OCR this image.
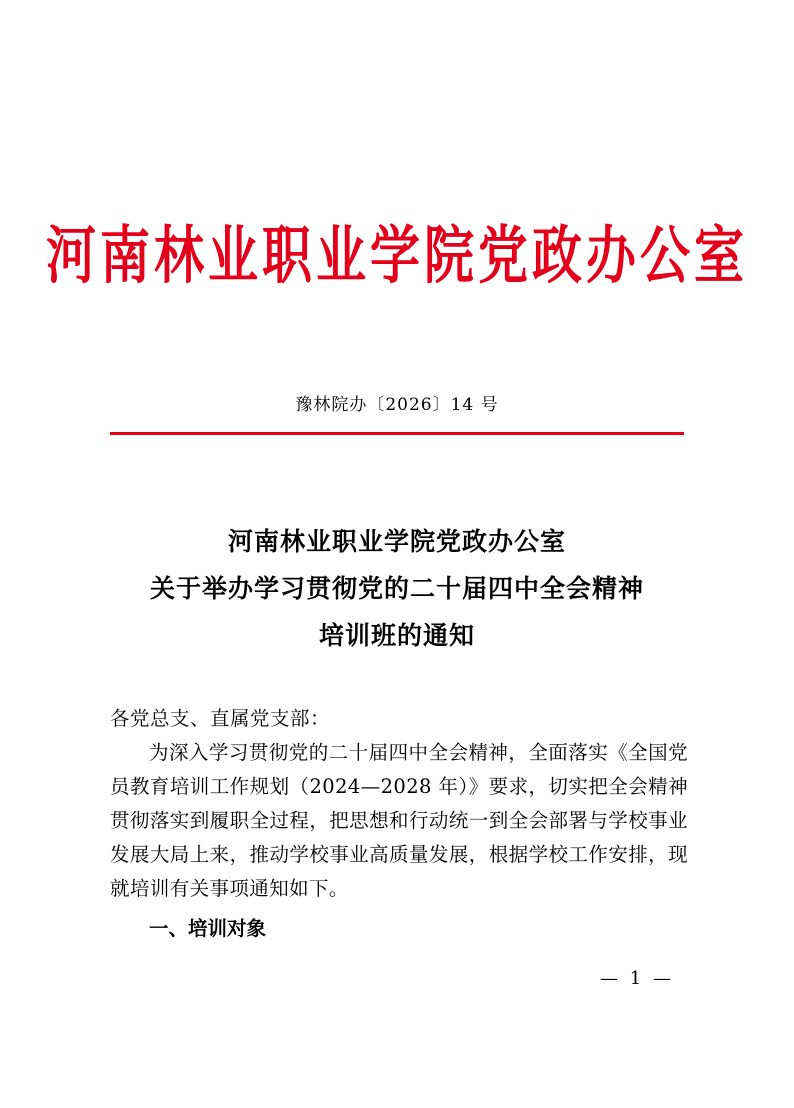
河南林业职业学院党政办公室
豫林院办〔2026〕14 号
河南林业职业学院党政办公室
关于举办学习贯彻党的二十届四中全会精神
培训班的通知
各党总支、直属党支部：
为深入学习贯彻党的二十届四中全会精神，全面落实《全国党员教育培训工作规划（2024—2028 年）》要求，切实把全会精神贯彻落实到履职全过程，把思想和行动统一到全会部署与学校事业发展大局上来，推动学校事业高质量发展，根据学校工作安排，现就培训有关事项通知如下。
一、培训对象
— 1 —
